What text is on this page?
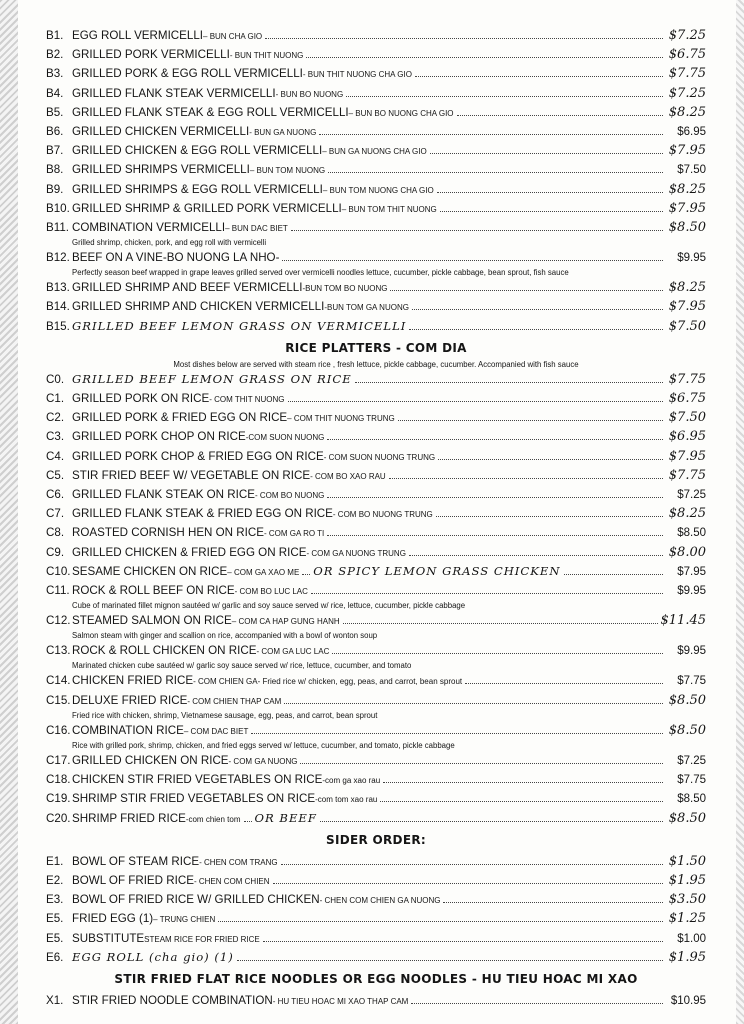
B1. EGG ROLL VERMICELLI – BUN CHA GIO	$7.25
B2. GRILLED PORK VERMICELLI - BUN THIT NUONG	$6.75
B3. GRILLED PORK & EGG ROLL VERMICELLI - BUN THIT NUONG CHA GIO	$7.75
B4. GRILLED FLANK STEAK VERMICELLI - BUN BO NUONG	$7.25
B5. GRILLED FLANK STEAK & EGG ROLL VERMICELLI – BUN BO NUONG CHA GIO	$8.25
B6. GRILLED CHICKEN VERMICELLI - BUN GA NUONG	$6.95
B7. GRILLED CHICKEN & EGG ROLL VERMICELLI – BUN GA NUONG CHA GIO	$7.95
B8. GRILLED SHRIMPS VERMICELLI – BUN TOM NUONG	$7.50
B9. GRILLED SHRIMPS & EGG ROLL VERMICELLI – BUN TOM NUONG CHA GIO	$8.25
B10. GRILLED SHRIMP & GRILLED PORK VERMICELLI – BUN TOM THIT NUONG	$7.95
B11. COMBINATION VERMICELLI – BUN DAC BIET	$8.50
Grilled shrimp, chicken, pork, and egg roll with vermicelli
B12. BEEF ON A VINE-BO NUONG LA NHO-	$9.95
Perfectly season beef wrapped in grape leaves grilled served over vermicelli noodles lettuce, cucumber, pickle cabbage, bean sprout, fish sauce
B13. GRILLED SHRIMP AND BEEF VERMICELLI -BUN TOM BO NUONG	$8.25
B14. GRILLED SHRIMP AND CHICKEN VERMICELLI -BUN TOM GA NUONG	$7.95
B15. GRILLED BEEF LEMON GRASS ON VERMICELLI	$7.50
RICE PLATTERS - COM DIA
Most dishes below are served with steam rice , fresh lettuce, pickle cabbage, cucumber. Accompanied with fish sauce
C0. GRILLED BEEF LEMON GRASS ON RICE	$7.75
C1. GRILLED PORK ON RICE - COM THIT NUONG	$6.75
C2. GRILLED PORK & FRIED EGG ON RICE – COM THIT NUONG TRUNG	$7.50
C3. GRILLED PORK CHOP ON RICE -COM SUON NUONG	$6.95
C4. GRILLED PORK CHOP & FRIED EGG ON RICE - COM SUON NUONG TRUNG	$7.95
C5. STIR FRIED BEEF W/ VEGETABLE ON RICE - COM BO XAO RAU	$7.75
C6. GRILLED FLANK STEAK ON RICE - COM BO NUONG	$7.25
C7. GRILLED FLANK STEAK & FRIED EGG ON RICE - COM BO NUONG TRUNG	$8.25
C8. ROASTED CORNISH HEN ON RICE - COM GA RO TI	$8.50
C9. GRILLED CHICKEN & FRIED EGG ON RICE - COM GA NUONG TRUNG	$8.00
C10. SESAME CHICKEN ON RICE – COM GA XAO ME OR SPICY LEMON GRASS CHICKEN	$7.95
C11. ROCK & ROLL BEEF ON RICE - COM BO LUC LAC	$9.95
Cube of marinated fillet mignon sautéed w/ garlic and soy sauce served w/ rice, lettuce, cucumber, pickle cabbage
C12. STEAMED SALMON ON RICE – COM CA HAP GUNG HANH	$11.45
Salmon steam with ginger and scallion on rice, accompanied with a bowl of wonton soup
C13. ROCK & ROLL CHICKEN ON RICE - COM GA LUC LAC	$9.95
Marinated chicken cube sautéed w/ garlic soy sauce served w/ rice, lettuce, cucumber, and tomato
C14. CHICKEN FRIED RICE - COM CHIEN GA - Fried rice w/ chicken, egg, peas, and carrot, bean sprout	$7.75
C15. DELUXE FRIED RICE - COM CHIEN THAP CAM	$8.50
Fried rice with chicken, shrimp, Vietnamese sausage, egg, peas, and carrot, bean sprout
C16. COMBINATION RICE – COM DAC BIET	$8.50
Rice with grilled pork, shrimp, chicken, and fried eggs served w/ lettuce, cucumber, and tomato, pickle cabbage
C17. GRILLED CHICKEN ON RICE - COM GA NUONG	$7.25
C18. CHICKEN STIR FRIED VEGETABLES ON RICE -com ga xao rau	$7.75
C19. SHRIMP STIR FRIED VEGETABLES ON RICE -com tom xao rau	$8.50
C20. SHRIMP FRIED RICE -com chien tom OR BEEF	$8.50
SIDER ORDER:
E1. BOWL OF STEAM RICE - CHEN COM TRANG	$1.50
E2. BOWL OF FRIED RICE - CHEN COM CHIEN	$1.95
E3. BOWL OF FRIED RICE W/ GRILLED CHICKEN - CHEN COM CHIEN GA NUONG	$3.50
E5. FRIED EGG (1) – TRUNG CHIEN	$1.25
E5. SUBSTITUTE STEAM RICE FOR FRIED RICE	$1.00
E6. EGG ROLL (cha gio) (1)	$1.95
STIR FRIED FLAT RICE NOODLES OR EGG NOODLES - HU TIEU HOAC MI XAO
X1. STIR FRIED NOODLE COMBINATION - HU TIEU HOAC MI XAO THAP CAM	$10.95
